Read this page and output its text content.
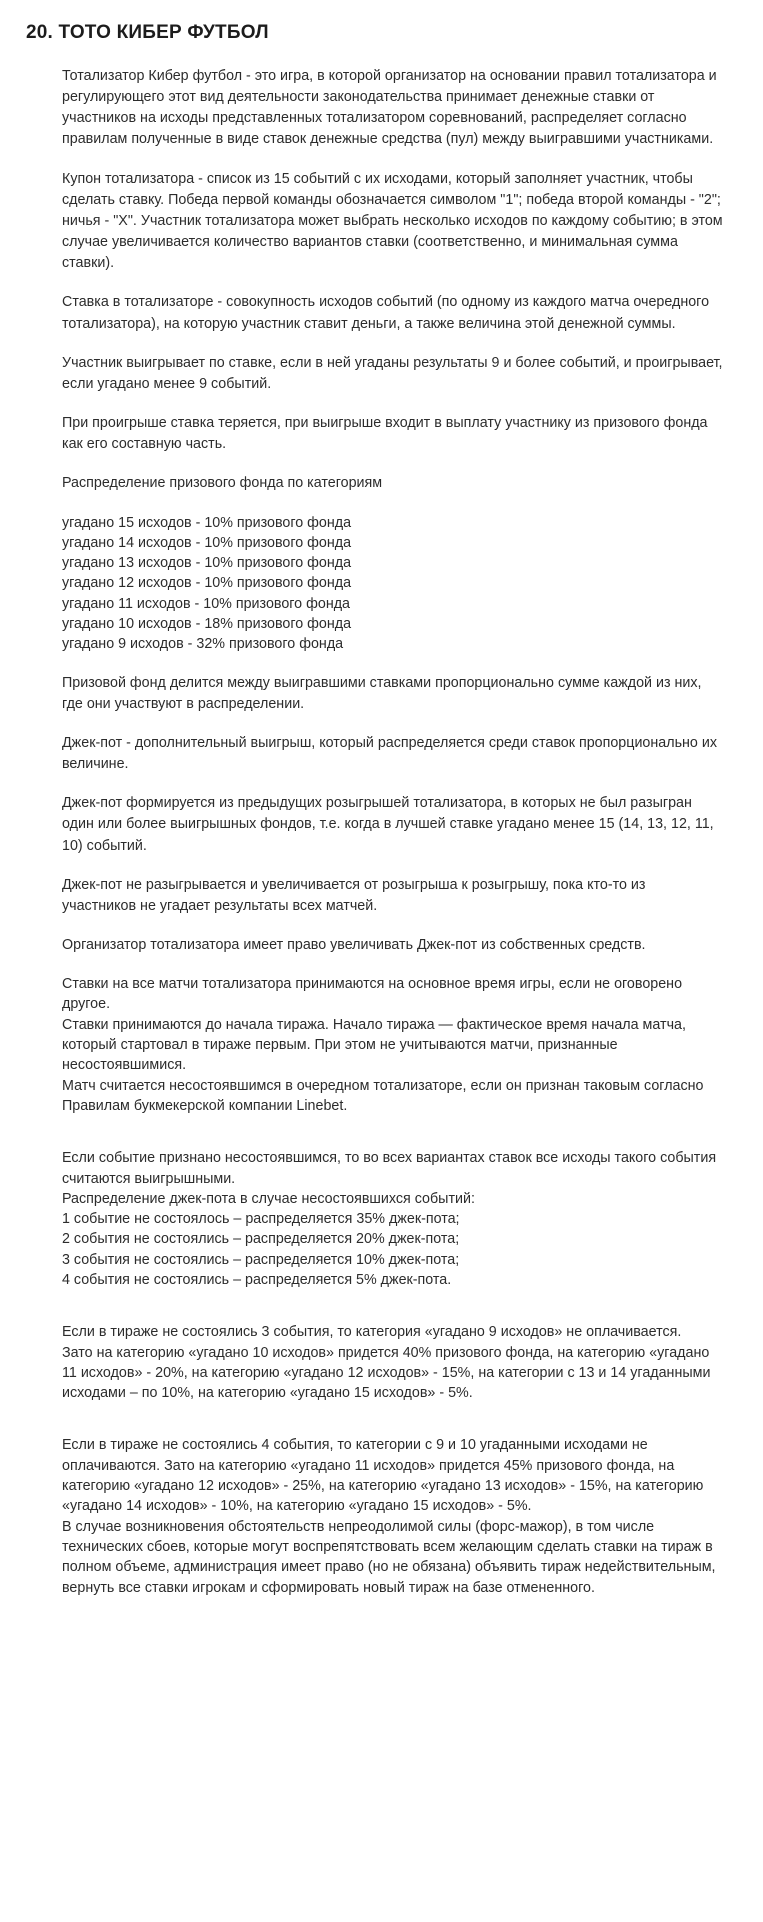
20. ТОТО КИБЕР ФУТБОЛ

Тотализатор Кибер футбол - это игра, в которой организатор на основании правил тотализатора и регулирующего этот вид деятельности законодательства принимает денежные ставки от участников на исходы представленных тотализатором соревнований, распределяет согласно правилам полученные в виде ставок денежные средства (пул) между выигравшими участниками.

Купон тотализатора - список из 15 событий с их исходами, который заполняет участник, чтобы сделать ставку. Победа первой команды обозначается символом "1"; победа второй команды - "2"; ничья - "Х". Участник тотализатора может выбрать несколько исходов по каждому событию; в этом случае увеличивается количество вариантов ставки (соответственно, и минимальная сумма ставки).

Ставка в тотализаторе - совокупность исходов событий (по одному из каждого матча очередного тотализатора), на которую участник ставит деньги, а также величина этой денежной суммы.

Участник выигрывает по ставке, если в ней угаданы результаты 9 и более событий, и проигрывает, если угадано менее 9 событий.

При проигрыше ставка теряется, при выигрыше входит в выплату участнику из призового фонда как его составную часть.

Распределение призового фонда по категориям

угадано 15 исходов - 10% призового фонда
угадано 14 исходов - 10% призового фонда
угадано 13 исходов - 10% призового фонда
угадано 12 исходов - 10% призового фонда
угадано 11 исходов - 10% призового фонда
угадано 10 исходов - 18% призового фонда
угадано 9 исходов - 32% призового фонда

Призовой фонд делится между выигравшими ставками пропорционально сумме каждой из них, где они участвуют в распределении.

Джек-пот - дополнительный выигрыш, который распределяется среди ставок пропорционально их величине.

Джек-пот формируется из предыдущих розыгрышей тотализатора, в которых не был разыгран один или более выигрышных фондов, т.е. когда в лучшей ставке угадано менее 15 (14, 13, 12, 11, 10) событий.

Джек-пот не разыгрывается и увеличивается от розыгрыша к розыгрышу, пока кто-то из участников не угадает результаты всех матчей.

Организатор тотализатора имеет право увеличивать Джек-пот из собственных средств.

Ставки на все матчи тотализатора принимаются на основное время игры, если не оговорено другое.
Ставки принимаются до начала тиража. Начало тиража — фактическое время начала матча, который стартовал в тираже первым. При этом не учитываются матчи, признанные несостоявшимися.
Матч считается несостоявшимся в очередном тотализаторе, если он признан таковым согласно Правилам букмекерской компании Linebet.
Если событие признано несостоявшимся, то во всех вариантах ставок все исходы такого события считаются выигрышными.
Распределение джек-пота в случае несостоявшихся событий:
1 событие не состоялось – распределяется 35% джек-пота;
2 события не состоялись – распределяется 20% джек-пота;
3 события не состоялись – распределяется 10% джек-пота;
4 события не состоялись – распределяется 5% джек-пота.
Если в тираже не состоялись 3 события, то категория «угадано 9 исходов» не оплачивается.
Зато на категорию «угадано 10 исходов» придется 40% призового фонда, на категорию «угадано 11 исходов» - 20%, на категорию «угадано 12 исходов» - 15%, на категории с 13 и 14 угаданными исходами – по 10%, на категорию «угадано 15 исходов» - 5%.
Если в тираже не состоялись 4 события, то категории с 9 и 10 угаданными исходами не оплачиваются. Зато на категорию «угадано 11 исходов» придется 45% призового фонда, на категорию «угадано 12 исходов» - 25%, на категорию «угадано 13 исходов» - 15%, на категорию «угадано 14 исходов» - 10%, на категорию «угадано 15 исходов» - 5%.
В случае возникновения обстоятельств непреодолимой силы (форс-мажор), в том числе технических сбоев, которые могут воспрепятствовать всем желающим сделать ставки на тираж в полном объеме, администрация имеет право (но не обязана) объявить тираж недействительным, вернуть все ставки игрокам и сформировать новый тираж на базе отмененного.
